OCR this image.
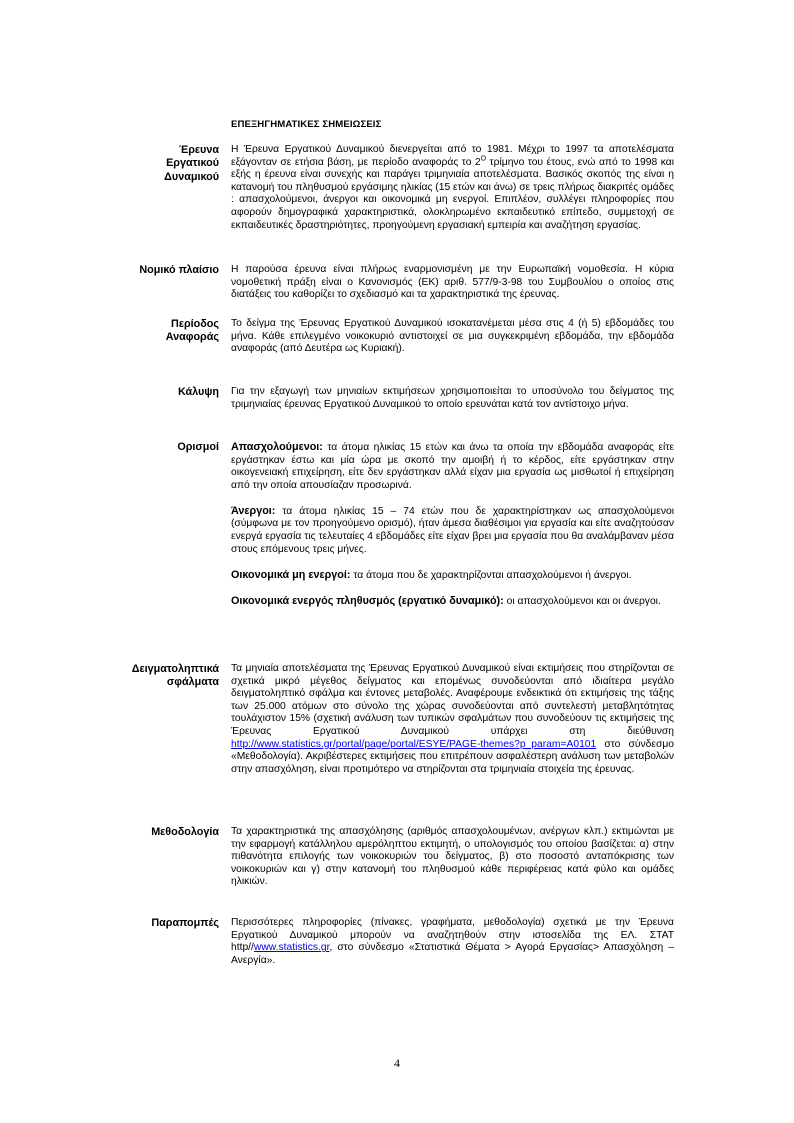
ΕΠΕΞΗΓΗΜΑΤΙΚΕΣ ΣΗΜΕΙΩΣΕΙΣ
Έρευνα
Εργατικού
Δυναμικού
Η Έρευνα Εργατικού Δυναμικού διενεργείται από το 1981. Μέχρι το 1997 τα αποτελέσματα εξάγονταν σε ετήσια βάση, με περίοδο αναφοράς το $2^O$ τρίμηνο του έτους, ενώ από το 1998 και εξής η έρευνα είναι συνεχής και παράγει τριμηνιαία αποτελέσματα. Βασικός σκοπός της είναι η κατανομή του πληθυσμού εργάσιμης ηλικίας (15 ετών και άνω) σε τρεις πλήρως διακριτές ομάδες : απασχολούμενοι, άνεργοι και οικονομικά μη ενεργοί. Επιπλέον, συλλέγει πληροφορίες που αφορούν δημογραφικά χαρακτηριστικά, ολοκληρωμένο εκπαιδευτικό επίπεδο, συμμετοχή σε εκπαιδευτικές δραστηριότητες, προηγούμενη εργασιακή εμπειρία και αναζήτηση εργασίας.
Νομικό πλαίσιο Η παρούσα έρευνα είναι πλήρως εναρμονισμένη με την Ευρωπαϊκή νομοθεσία. Η κύρια νομοθετική πράξη είναι ο Κανονισμός (ΕΚ) αριθ. 577/9-3-98 του Συμβουλίου ο οποίος στις διατάξεις του καθορίζει το σχεδιασμό και τα χαρακτηριστικά της έρευνας.
Περίοδος
Αναφοράς
Το δείγμα της Έρευνας Εργατικού Δυναμικού ισοκατανέμεται μέσα στις 4 (ή 5) εβδομάδες του μήνα. Κάθε επιλεγμένο νοικοκυριό αντιστοιχεί σε μια συγκεκριμένη εβδομάδα, την εβδομάδα αναφοράς (από Δευτέρα ως Κυριακή).
Κάλυψη Για την εξαγωγή των μηνιαίων εκτιμήσεων χρησιμοποιείται το υποσύνολο του δείγματος της τριμηνιαίας έρευνας Εργατικού Δυναμικού το οποίο ερευνάται κατά τον αντίστοιχο μήνα.
Ορισμοί Απασχολούμενοι: τα άτομα ηλικίας 15 ετών και άνω τα οποία την εβδομάδα αναφοράς είτε εργάστηκαν έστω και μία ώρα με σκοπό την αμοιβή ή το κέρδος, είτε εργάστηκαν στην οικογενειακή επιχείρηση, είτε δεν εργάστηκαν αλλά είχαν μια εργασία ως μισθωτοί ή επιχείρηση από την οποία απουσίαζαν προσωρινά.

Άνεργοι: τα άτομα ηλικίας 15 – 74 ετών που δε χαρακτηρίστηκαν ως απασχολούμενοι (σύμφωνα με τον προηγούμενο ορισμό), ήταν άμεσα διαθέσιμοι για εργασία και είτε αναζητούσαν ενεργά εργασία τις τελευταίες 4 εβδομάδες είτε είχαν βρει μια εργασία που θα αναλάμβαναν μέσα στους επόμενους τρεις μήνες.

Οικονομικά μη ενεργοί: τα άτομα που δε χαρακτηρίζονται απασχολούμενοι ή άνεργοι.

Οικονομικά ενεργός πληθυσμός (εργατικό δυναμικό): οι απασχολούμενοι και οι άνεργοι.

Δειγματοληπτικά
σφάλματα
Τα μηνιαία αποτελέσματα της Έρευνας Εργατικού Δυναμικού είναι εκτιμήσεις που στηρίζονται σε σχετικά μικρό μέγεθος δείγματος και επομένως συνοδεύονται από ιδιαίτερα μεγάλο δειγματοληπτικό σφάλμα και έντονες μεταβολές. Αναφέρουμε ενδεικτικά ότι εκτιμήσεις της τάξης των 25.000 ατόμων στο σύνολο της χώρας συνοδεύονται από συντελεστή μεταβλητότητας τουλάχιστον 15% (σχετική ανάλυση των τυπικών σφαλμάτων που συνοδεύουν τις εκτιμήσεις της Έρευνας Εργατικού Δυναμικού υπάρχει στη διεύθυνση http://www.statistics.gr/portal/page/portal/ESYE/PAGE-themes?p_param=A0101 στο σύνδεσμο «Μεθοδολογία). Ακριβέστερες εκτιμήσεις που επιτρέπουν ασφαλέστερη ανάλυση των μεταβολών στην απασχόληση, είναι προτιμότερο να στηρίζονται στα τριμηνιαία στοιχεία της έρευνας.
Μεθοδολογία Τα χαρακτηριστικά της απασχόλησης (αριθμός απασχολουμένων, ανέργων κλπ.) εκτιμώνται με την εφαρμογή κατάλληλου αμερόληπτου εκτιμητή, ο υπολογισμός του οποίου βασίζεται: α) στην πιθανότητα επιλογής των νοικοκυριών του δείγματος, β) στο ποσοστό ανταπόκρισης των νοικοκυριών και γ) στην κατανομή του πληθυσμού κάθε περιφέρειας κατά φύλο και ομάδες ηλικιών.
Παραπομπές Περισσότερες πληροφορίες (πίνακες, γραφήματα, μεθοδολογία) σχετικά με την Έρευνα Εργατικού Δυναμικού μπορούν να αναζητηθούν στην ιστοσελίδα της ΕΛ. ΣΤΑΤ http//www.statistics.gr, στο σύνδεσμο «Στατιστικά Θέματα > Αγορά Εργασίας> Απασχόληση – Ανεργία».
4
